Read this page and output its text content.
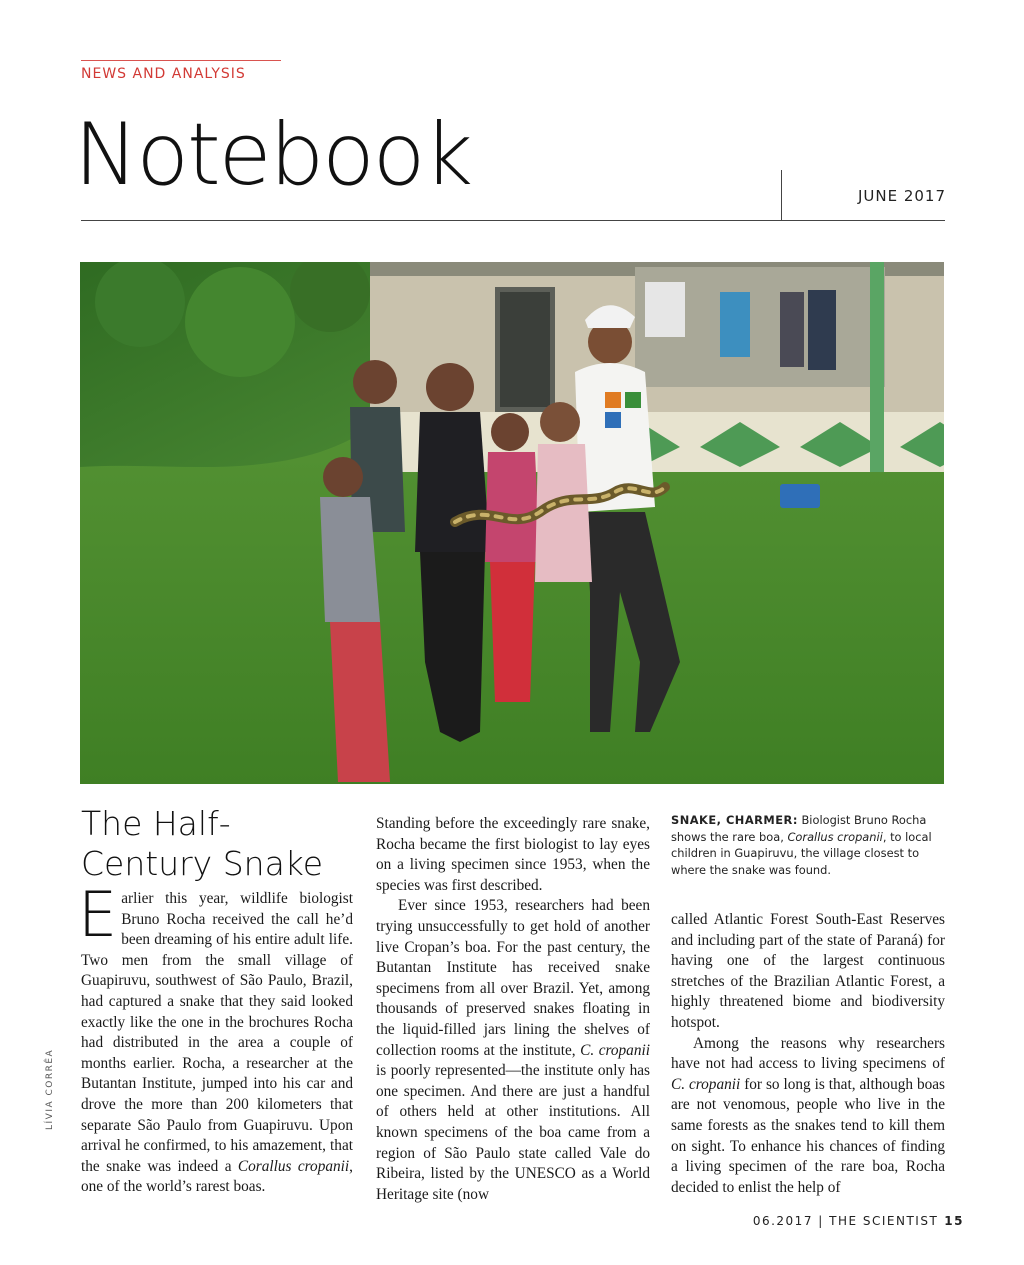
NEWS AND ANALYSIS
Notebook	JUNE 2017
LÍVIA CORRÊA
The Half-Century Snake

Earlier this year, wildlife biologist Bruno Rocha received the call he’d been dreaming of his entire adult life. Two men from the small village of Guapiruvu, southwest of São Paulo, Brazil, had captured a snake that they said looked exactly like the one in the brochures Rocha had distributed in the area a couple of months earlier. Rocha, a researcher at the Butantan Institute, jumped into his car and drove the more than 200 kilometers that separate São Paulo from Guapiruvu. Upon arrival he confirmed, to his amazement, that the snake was indeed a Corallus cropanii, one of the world’s rarest boas.

Standing before the exceedingly rare snake, Rocha became the first biologist to lay eyes on a living specimen since 1953, when the species was first described.

Ever since 1953, researchers had been trying unsuccessfully to get hold of another live Cropan’s boa. For the past century, the Butantan Institute has received snake specimens from all over Brazil. Yet, among thousands of preserved snakes floating in the liquid-filled jars lining the shelves of collection rooms at the institute, C. cropanii is poorly represented—the institute only has one specimen. And there are just a handful of others held at other institutions. All known specimens of the boa came from a region of São Paulo state called Vale do Ribeira, listed by the UNESCO as a World Heritage site (now

SNAKE, CHARMER: Biologist Bruno Rocha shows the rare boa, Corallus cropanii, to local children in Guapiruvu, the village closest to where the snake was found.

called Atlantic Forest South-East Reserves and including part of the state of Paraná) for having one of the largest continuous stretches of the Brazilian Atlantic Forest, a highly threatened biome and biodiversity hotspot.

Among the reasons why researchers have not had access to living specimens of C. cropanii for so long is that, although boas are not venomous, people who live in the same forests as the snakes tend to kill them on sight. To enhance his chances of finding a living specimen of the rare boa, Rocha decided to enlist the help of

06.2017 | THE SCIENTIST 15
